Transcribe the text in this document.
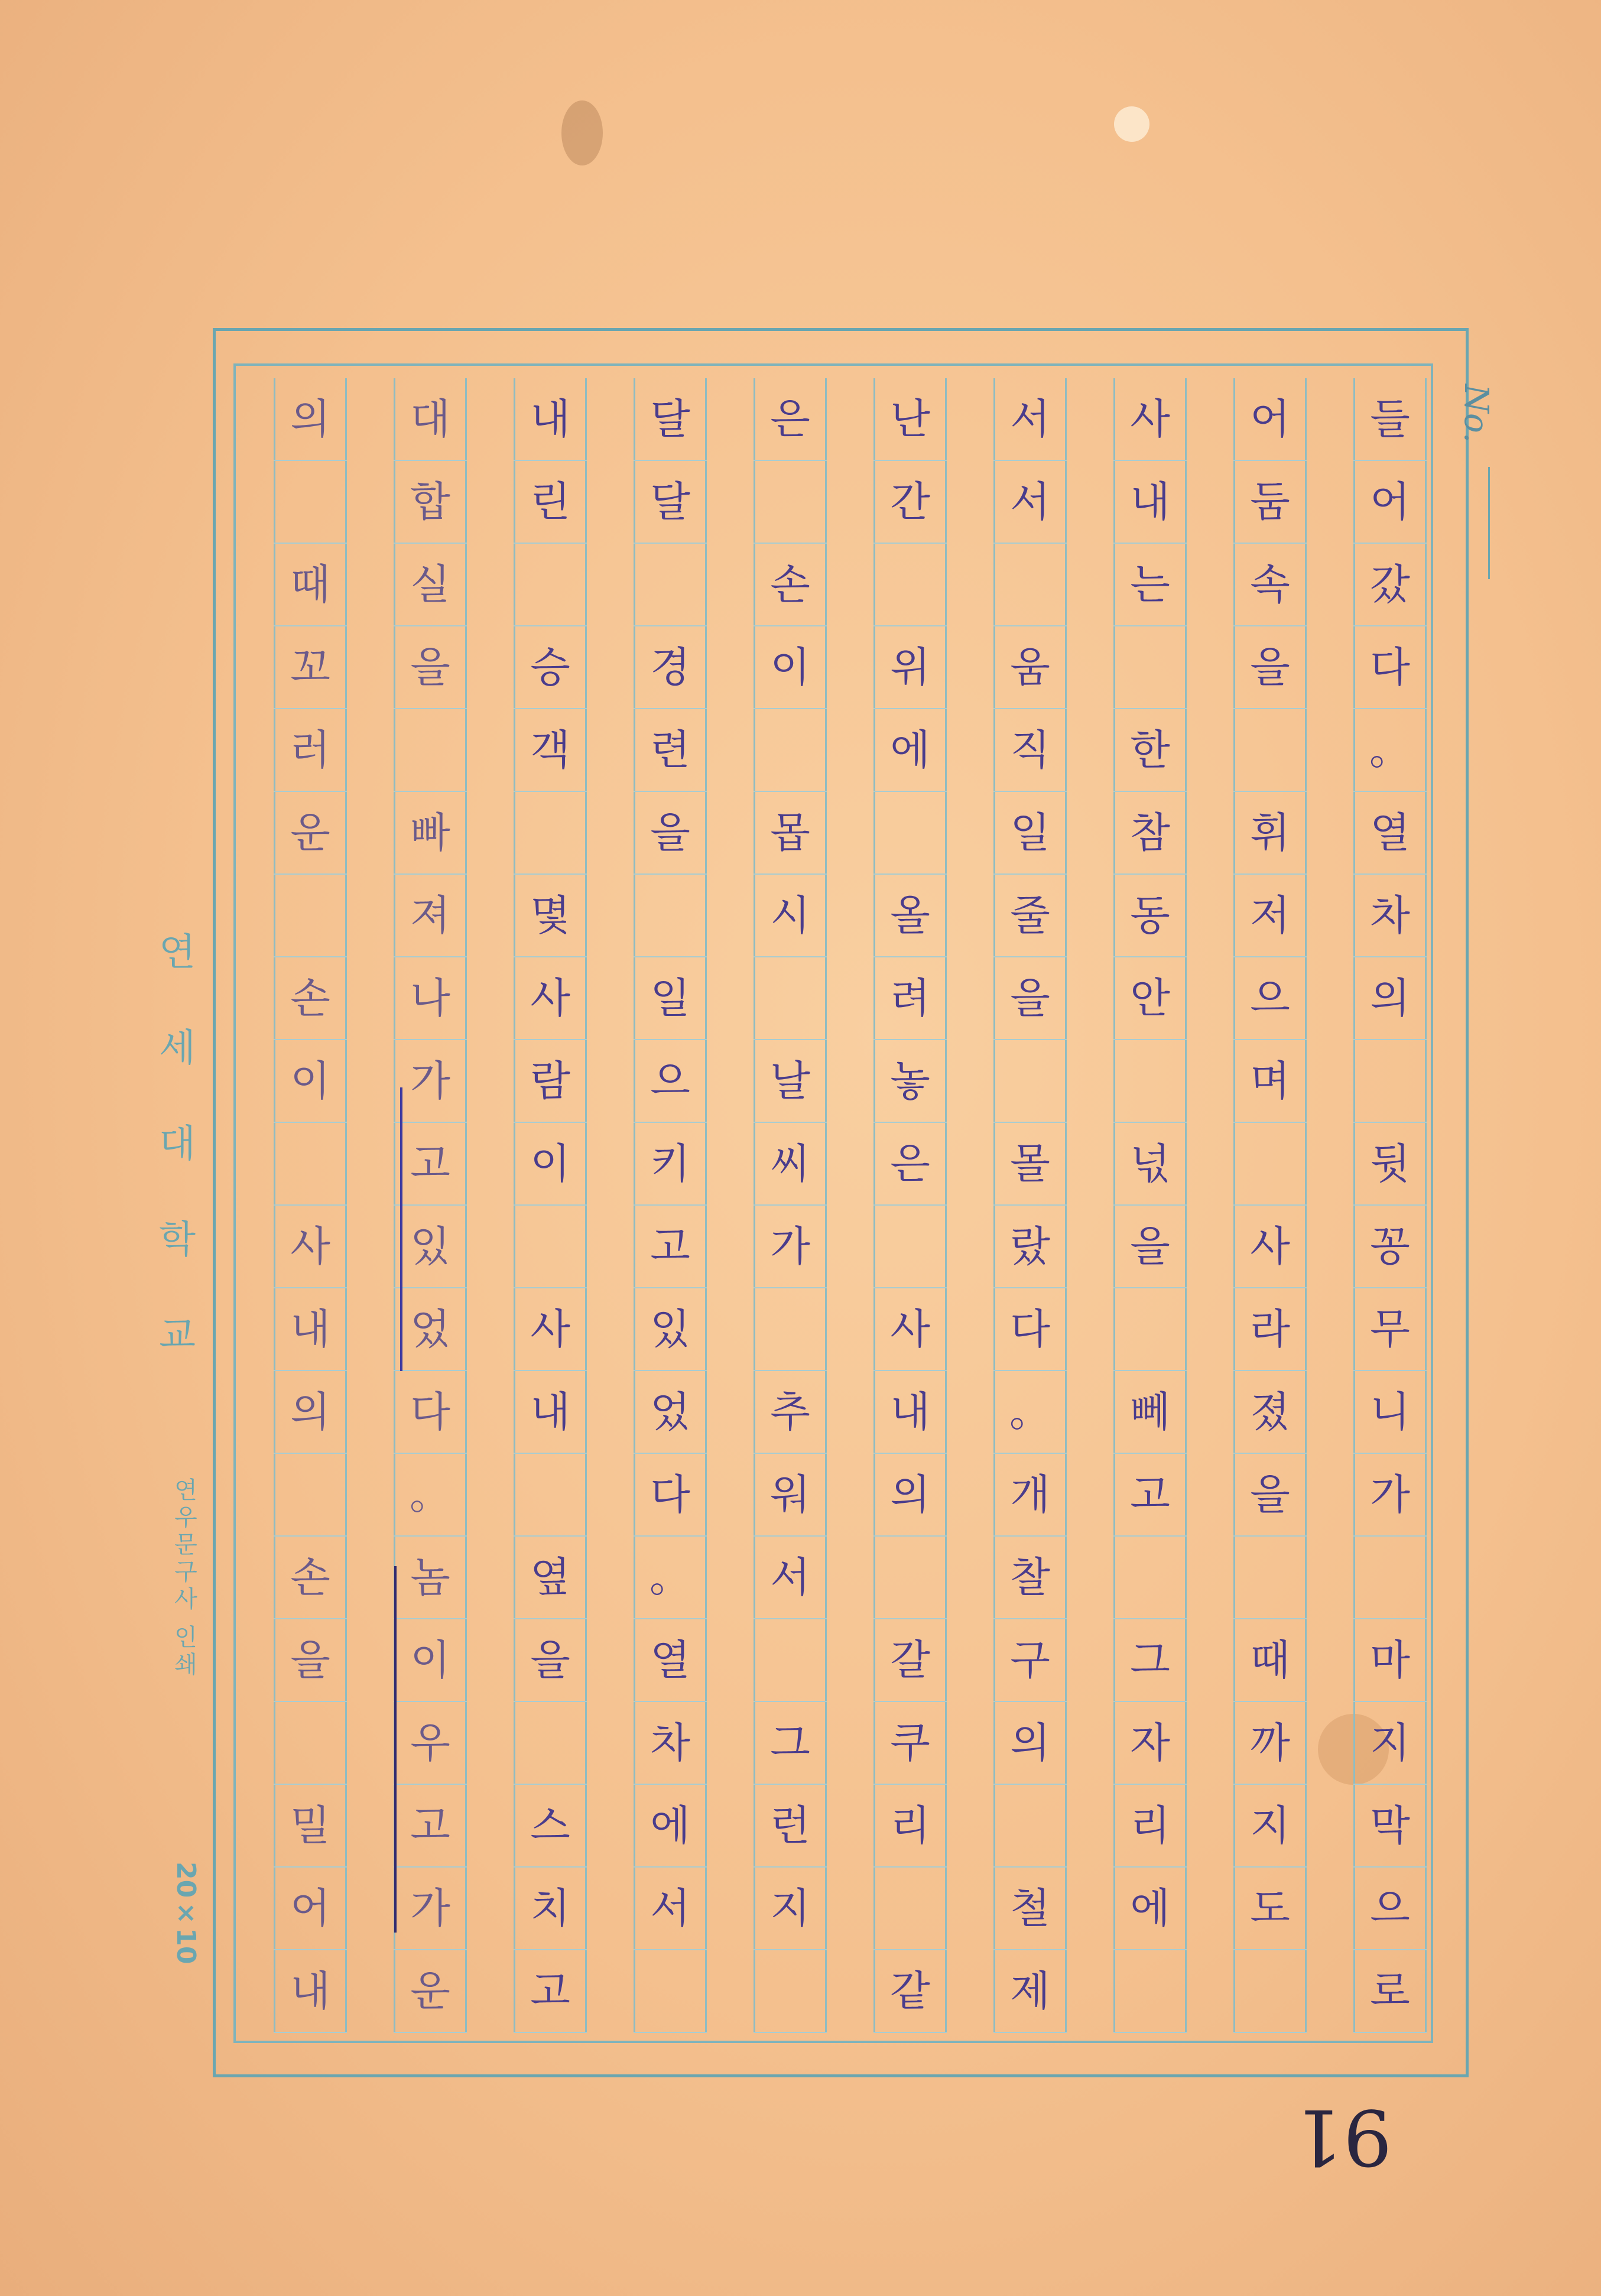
No.
들
어
갔
다
。
열
차
의
뒷
꽁
무
니
가
마
지
막
으
로
어
둠
속
을
휘
저
으
며
사
라
졌
을
때
까
지
도
사
내
는
한
참
동
안
넋
을
뻬
고
그
자
리
에
서
서
움
직
일
줄
을
몰
랐
다
。
개
찰
구
의
철
제
난
간
위
에
올
려
놓
은
사
내
의
갈
쿠
리
같
은
손
이
몹
시
날
씨
가
추
워
서
그
런
지
달
달
경
련
을
일
으
키
고
있
었
다
。
열
차
에
서
내
린
승
객
몇
사
람
이
사
내
옆
을
스
치
고
대
합
실
을
빠
져
나
가
고
있
었
다
。
놈
이
우
고
가
운
의
때
꼬
러
운
손
이
사
내
의
손
을
밀
어
내
연
세
대
학
교
연우문구사 인쇄
20×10
91
